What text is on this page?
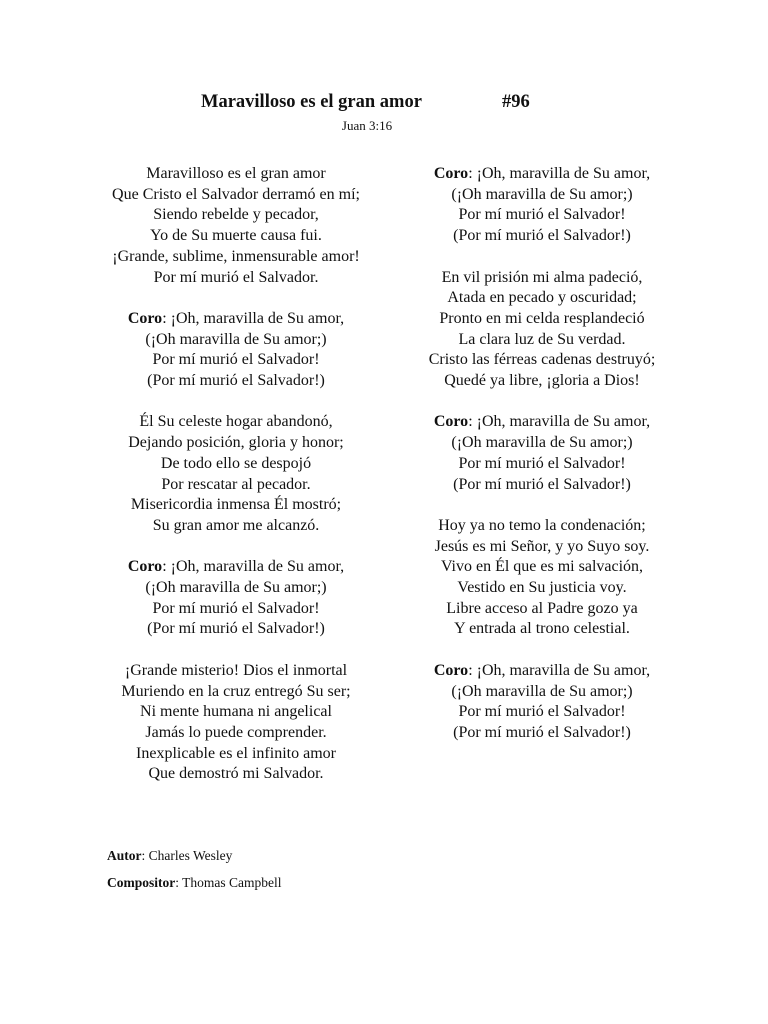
Maravilloso es el gran amor	#96
Juan 3:16
Maravilloso es el gran amor
Que Cristo el Salvador derramó en mí;
Siendo rebelde y pecador,
Yo de Su muerte causa fui.
¡Grande, sublime, inmensurable amor!
Por mí murió el Salvador.
Coro: ¡Oh, maravilla de Su amor,
(¡Oh maravilla de Su amor;)
Por mí murió el Salvador!
(Por mí murió el Salvador!)
Él Su celeste hogar abandonó,
Dejando posición, gloria y honor;
De todo ello se despojó
Por rescatar al pecador.
Misericordia inmensa Él mostró;
Su gran amor me alcanzó.
Coro: ¡Oh, maravilla de Su amor,
(¡Oh maravilla de Su amor;)
Por mí murió el Salvador!
(Por mí murió el Salvador!)
¡Grande misterio! Dios el inmortal
Muriendo en la cruz entregó Su ser;
Ni mente humana ni angelical
Jamás lo puede comprender.
Inexplicable es el infinito amor
Que demostró mi Salvador.
Coro: ¡Oh, maravilla de Su amor,
(¡Oh maravilla de Su amor;)
Por mí murió el Salvador!
(Por mí murió el Salvador!)
En vil prisión mi alma padeció,
Atada en pecado y oscuridad;
Pronto en mi celda resplandeció
La clara luz de Su verdad.
Cristo las férreas cadenas destruyó;
Quedé ya libre, ¡gloria a Dios!
Coro: ¡Oh, maravilla de Su amor,
(¡Oh maravilla de Su amor;)
Por mí murió el Salvador!
(Por mí murió el Salvador!)
Hoy ya no temo la condenación;
Jesús es mi Señor, y yo Suyo soy.
Vivo en Él que es mi salvación,
Vestido en Su justicia voy.
Libre acceso al Padre gozo ya
Y entrada al trono celestial.
Coro: ¡Oh, maravilla de Su amor,
(¡Oh maravilla de Su amor;)
Por mí murió el Salvador!
(Por mí murió el Salvador!)
Autor: Charles Wesley
Compositor: Thomas Campbell
